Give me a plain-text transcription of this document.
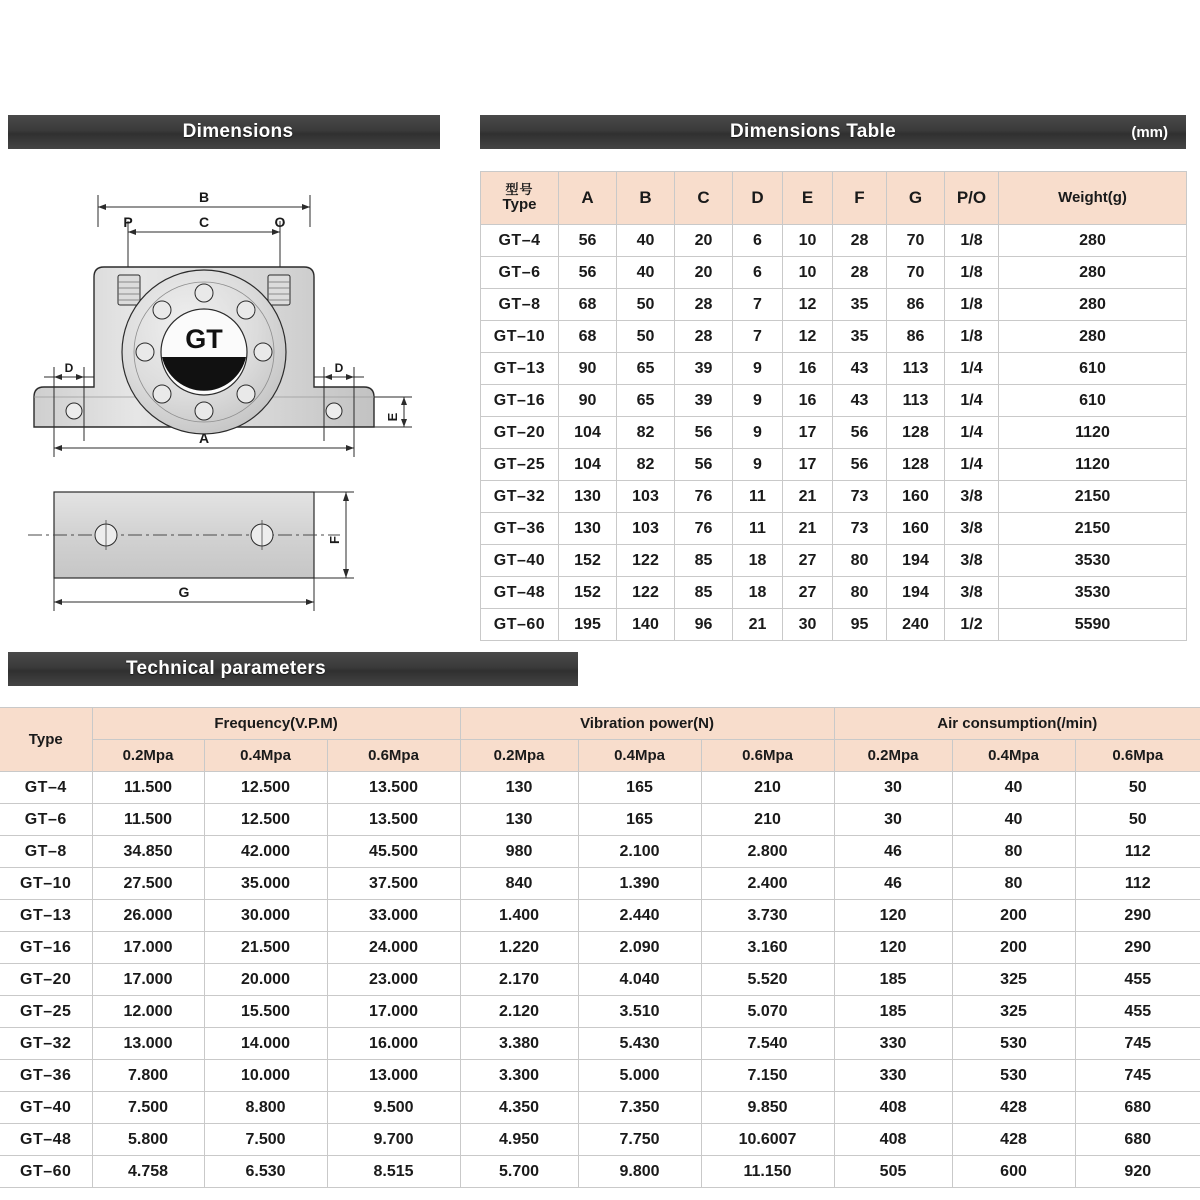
Dimensions
GT
B
C
P	O
D	D
E
A
F
G
Dimensions Table	(mm)
型号
Type	A	B	C	D	E	F	G	P/O	Weight(g)
GT–4	56	40	20	6	10	28	70	1/8	280
GT–6	56	40	20	6	10	28	70	1/8	280
GT–8	68	50	28	7	12	35	86	1/8	280
GT–10	68	50	28	7	12	35	86	1/8	280
GT–13	90	65	39	9	16	43	113	1/4	610
GT–16	90	65	39	9	16	43	113	1/4	610
GT–20	104	82	56	9	17	56	128	1/4	1120
GT–25	104	82	56	9	17	56	128	1/4	1120
GT–32	130	103	76	11	21	73	160	3/8	2150
GT–36	130	103	76	11	21	73	160	3/8	2150
GT–40	152	122	85	18	27	80	194	3/8	3530
GT–48	152	122	85	18	27	80	194	3/8	3530
GT–60	195	140	96	21	30	95	240	1/2	5590
Technical parameters
Type	Frequency(V.P.M)			Vibration power(N)			Air consumption(/min)		
	0.2Mpa	0.4Mpa	0.6Mpa	0.2Mpa	0.4Mpa	0.6Mpa	0.2Mpa	0.4Mpa	0.6Mpa
GT–4	11.500	12.500	13.500	130	165	210	30	40	50
GT–6	11.500	12.500	13.500	130	165	210	30	40	50
GT–8	34.850	42.000	45.500	980	2.100	2.800	46	80	112
GT–10	27.500	35.000	37.500	840	1.390	2.400	46	80	112
GT–13	26.000	30.000	33.000	1.400	2.440	3.730	120	200	290
GT–16	17.000	21.500	24.000	1.220	2.090	3.160	120	200	290
GT–20	17.000	20.000	23.000	2.170	4.040	5.520	185	325	455
GT–25	12.000	15.500	17.000	2.120	3.510	5.070	185	325	455
GT–32	13.000	14.000	16.000	3.380	5.430	7.540	330	530	745
GT–36	7.800	10.000	13.000	3.300	5.000	7.150	330	530	745
GT–40	7.500	8.800	9.500	4.350	7.350	9.850	408	428	680
GT–48	5.800	7.500	9.700	4.950	7.750	10.6007	408	428	680
GT–60	4.758	6.530	8.515	5.700	9.800	11.150	505	600	920
